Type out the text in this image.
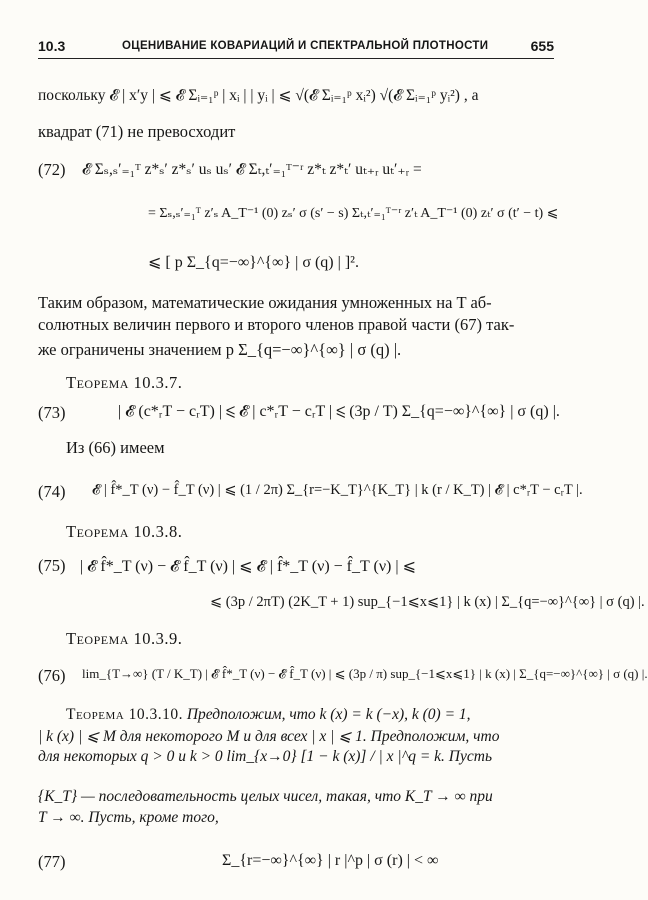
10.3	ОЦЕНИВАНИЕ КОВАРИАЦИЙ И СПЕКТРАЛЬНОЙ ПЛОТНОСТИ	655
поскольку 𝓔 | x′y | ⩽ 𝓔 Σᵢ₌₁ᵖ | xᵢ | | yᵢ | ⩽ √(𝓔 Σᵢ₌₁ᵖ xᵢ²) √(𝓔 Σᵢ₌₁ᵖ yᵢ²) , а
квадрат (71) не превосходит
(72) 𝓔 Σₛ,ₛ′₌₁ᵀ z*ₛ′ z*ₛ′ uₛ uₛ′ 𝓔 Σₜ,ₜ′₌₁ᵀ⁻ʳ z*ₜ z*ₜ′ uₜ₊ᵣ uₜ′₊ᵣ =
= Σₛ,ₛ′₌₁ᵀ z′ₛ A_T⁻¹ (0) zₛ′ σ (s′ − s) Σₜ,ₜ′₌₁ᵀ⁻ʳ z′ₜ A_T⁻¹ (0) zₜ′ σ (t′ − t) ⩽
⩽ [ p Σ_{q=−∞}^{∞} | σ (q) | ]².
Таким образом, математические ожидания умноженных на T аб-
солютных величин первого и второго членов правой части (67) так-
же ограничены значением p Σ_{q=−∞}^{∞} | σ (q) |.
Теорема 10.3.7.
(73)	| 𝓔 (c*ᵣT − cᵣT) | ⩽ 𝓔 | c*ᵣT − cᵣT | ⩽ (3p / T) Σ_{q=−∞}^{∞} | σ (q) |.
Из (66) имеем
(74) 𝓔 | f̂*_T (ν) − f̂_T (ν) | ⩽ (1 / 2π) Σ_{r=−K_T}^{K_T} | k (r / K_T) | 𝓔 | c*ᵣT − cᵣT |.
Теорема 10.3.8.
(75) | 𝓔 f̂*_T (ν) − 𝓔 f̂_T (ν) | ⩽ 𝓔 | f̂*_T (ν) − f̂_T (ν) | ⩽
⩽ (3p / 2πT) (2K_T + 1) sup_{−1⩽x⩽1} | k (x) | Σ_{q=−∞}^{∞} | σ (q) |.
Теорема 10.3.9.
(76) lim_{T→∞} (T / K_T) | 𝓔 f̂*_T (ν) − 𝓔 f̂_T (ν) | ⩽ (3p / π) sup_{−1⩽x⩽1} | k (x) | Σ_{q=−∞}^{∞} | σ (q) |.
Теорема 10.3.10. Предположим, что k (x) = k (−x), k (0) = 1,
| k (x) | ⩽ M для некоторого M и для всех | x | ⩽ 1. Предположим, что
для некоторых q > 0 и k > 0 lim_{x→0} [1 − k (x)] / | x |^q = k. Пусть
{K_T} — последовательность целых чисел, такая, что K_T → ∞ при
T → ∞. Пусть, кроме того,
(77)	Σ_{r=−∞}^{∞} | r |^p | σ (r) | < ∞
